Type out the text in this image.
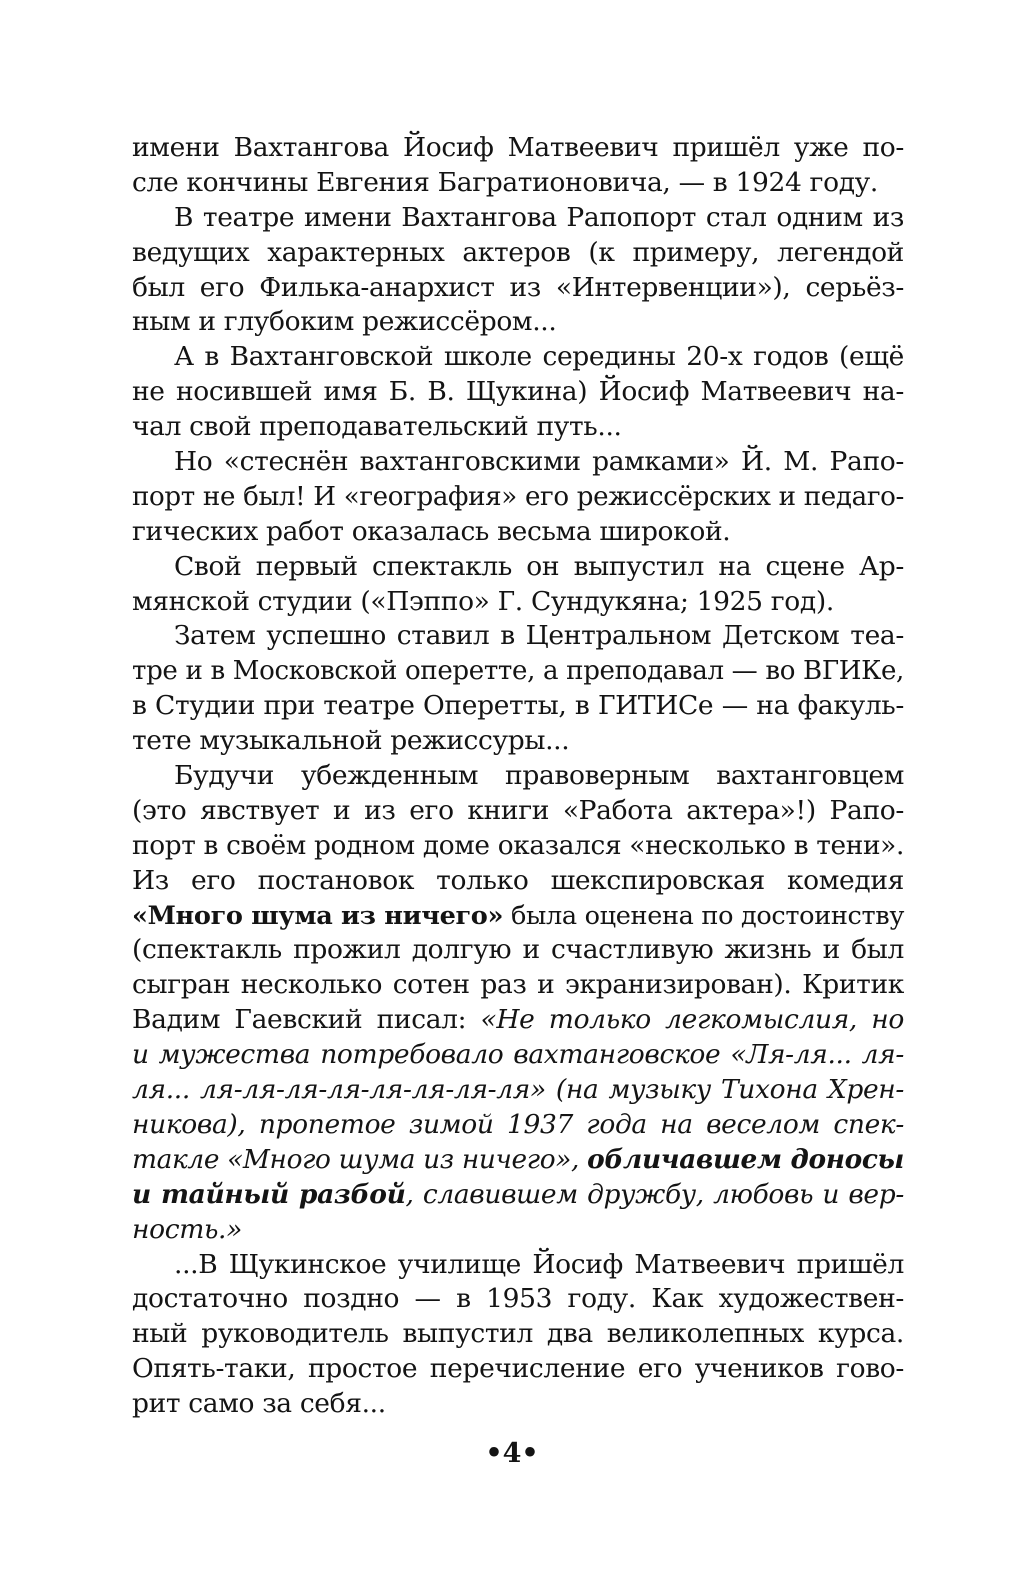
имени Вахтангова Йосиф Матвеевич пришёл уже по-
сле кончины Евгения Багратионовича, — в 1924 году.
В театре имени Вахтангова Рапопорт стал одним из
ведущих характерных актеров (к примеру, легендой
был его Филька-анархист из «Интервенции»), серьёз-
ным и глубоким режиссёром...
А в Вахтанговской школе середины 20-х годов (ещё
не носившей имя Б. В. Щукина) Йосиф Матвеевич на-
чал свой преподавательский путь...
Но «стеснён вахтанговскими рамками» Й. М. Рапо-
порт не был! И «география» его режиссёрских и педаго-
гических работ оказалась весьма широкой.
Свой первый спектакль он выпустил на сцене Ар-
мянской студии («Пэппо» Г. Сундукяна; 1925 год).
Затем успешно ставил в Центральном Детском теа-
тре и в Московской оперетте, а преподавал — во ВГИКе,
в Студии при театре Оперетты, в ГИТИСе — на факуль-
тете музыкальной режиссуры...
Будучи убежденным правоверным вахтанговцем
(это явствует и из его книги «Работа актера»!) Рапо-
порт в своём родном доме оказался «несколько в тени».
Из его постановок только шекспировская комедия
«Много шума из ничего» была оценена по достоинству
(спектакль прожил долгую и счастливую жизнь и был
сыгран несколько сотен раз и экранизирован). Критик
Вадим Гаевский писал: «Не только легкомыслия, но
и мужества потребовало вахтанговское «Ля-ля... ля-
ля... ля-ля-ля-ля-ля-ля-ля-ля» (на музыку Тихона Хрен-
никова), пропетое зимой 1937 года на веселом спек-
такле «Много шума из ничего», обличавшем доносы
и тайный разбой, славившем дружбу, любовь и вер-
ность.»
...В Щукинское училище Йосиф Матвеевич пришёл
достаточно поздно — в 1953 году. Как художествен-
ный руководитель выпустил два великолепных курса.
Опять-таки, простое перечисление его учеников гово-
рит само за себя...
•4•
